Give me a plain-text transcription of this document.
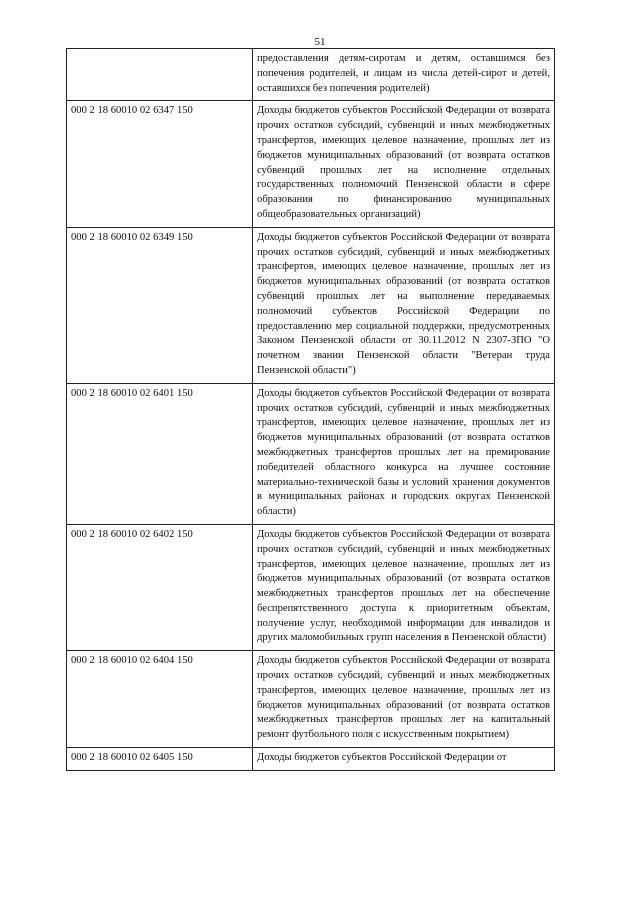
51
	предоставления детям-сиротам и детям, оставшимся без попечения родителей, и лицам из числа детей-сирот и детей, оставшихся без попечения родителей)
000 2 18 60010 02 6347 150	Доходы бюджетов субъектов Российской Федерации от возврата прочих остатков субсидий, субвенций и иных межбюджетных трансфертов, имеющих целевое назначение, прошлых лет из бюджетов муниципальных образований (от возврата остатков субвенций прошлых лет на исполнение отдельных государственных полномочий Пензенской области в сфере образования по финансированию муниципальных общеобразовательных организаций)
000 2 18 60010 02 6349 150	Доходы бюджетов субъектов Российской Федерации от возврата прочих остатков субсидий, субвенций и иных межбюджетных трансфертов, имеющих целевое назначение, прошлых лет из бюджетов муниципальных образований (от возврата остатков субвенций прошлых лет на выполнение передаваемых полномочий субъектов Российской Федерации по предоставлению мер социальной поддержки, предусмотренных Законом Пензенской области от 30.11.2012 N 2307-ЗПО "О почетном звании Пензенской области "Ветеран труда Пензенской области")
000 2 18 60010 02 6401 150	Доходы бюджетов субъектов Российской Федерации от возврата прочих остатков субсидий, субвенций и иных межбюджетных трансфертов, имеющих целевое назначение, прошлых лет из бюджетов муниципальных образований (от возврата остатков межбюджетных трансфертов прошлых лет на премирование победителей областного конкурса на лучшее состояние материально-технической базы и условий хранения документов в муниципальных районах и городских округах Пензенской области)
000 2 18 60010 02 6402 150	Доходы бюджетов субъектов Российской Федерации от возврата прочих остатков субсидий, субвенций и иных межбюджетных трансфертов, имеющих целевое назначение, прошлых лет из бюджетов муниципальных образований (от возврата остатков межбюджетных трансфертов прошлых лет на обеспечение беспрепятственного доступа к приоритетным объектам, получение услуг, необходимой информации для инвалидов и других маломобильных групп населения в Пензенской области)
000 2 18 60010 02 6404 150	Доходы бюджетов субъектов Российской Федерации от возврата прочих остатков субсидий, субвенций и иных межбюджетных трансфертов, имеющих целевое назначение, прошлых лет из бюджетов муниципальных образований (от возврата остатков межбюджетных трансфертов прошлых лет на капитальный ремонт футбольного поля с искусственным покрытием)
000 2 18 60010 02 6405 150	Доходы бюджетов субъектов Российской Федерации от
